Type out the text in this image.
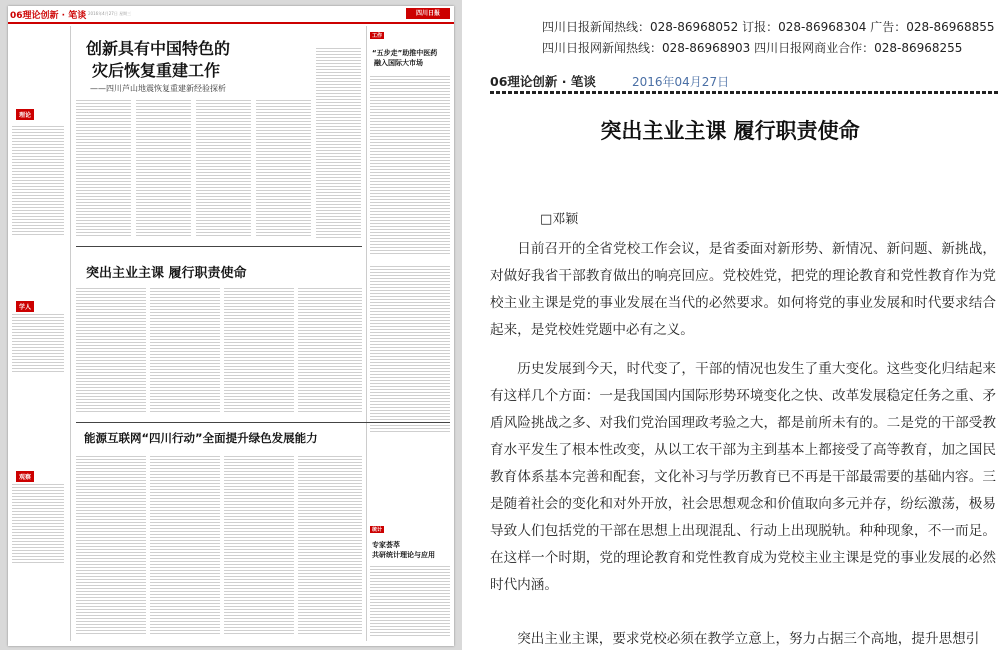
06理论创新 · 笔谈 2016年4月27日 星期三	四川日报
理论
学人
观察
创新具有中国特色的
灾后恢复重建工作
——四川芦山地震恢复重建新经验探析
工作
“五步走”助推中医药
融入国际大市场
突出主业主课 履行职责使命
能源互联网“四川行动”全面提升绿色发展能力
统计
专家荟萃
共研统计理论与应用
四川日报新闻热线：028-86968052 订报：028-86968304 广告：028-86968855
四川日报网新闻热线：028-86968903 四川日报网商业合作：028-86968255
06理论创新 · 笔谈	2016年04月27日
突出主业主课 履行职责使命
□邓颖
日前召开的全省党校工作会议，是省委面对新形势、新情况、新问题、新挑战，对做好我省干部教育做出的响亮回应。党校姓党，把党的理论教育和党性教育作为党校主业主课是党的事业发展在当代的必然要求。如何将党的事业发展和时代要求结合起来，是党校姓党题中必有之义。
历史发展到今天，时代变了，干部的情况也发生了重大变化。这些变化归结起来有这样几个方面：一是我国国内国际形势环境变化之快、改革发展稳定任务之重、矛盾风险挑战之多、对我们党治国理政考验之大，都是前所未有的。二是党的干部受教育水平发生了根本性改变，从以工农干部为主到基本上都接受了高等教育，加之国民教育体系基本完善和配套，文化补习与学历教育已不再是干部最需要的基础内容。三是随着社会的变化和对外开放，社会思想观念和价值取向多元并存，纷纭激荡，极易导致人们包括党的干部在思想上出现混乱、行动上出现脱轨。种种现象，不一而足。在这样一个时期，党的理论教育和党性教育成为党校主业主课是党的事业发展的必然时代内涵。
突出主业主课，要求党校必须在教学立意上，努力占据三个高地，提升思想引
